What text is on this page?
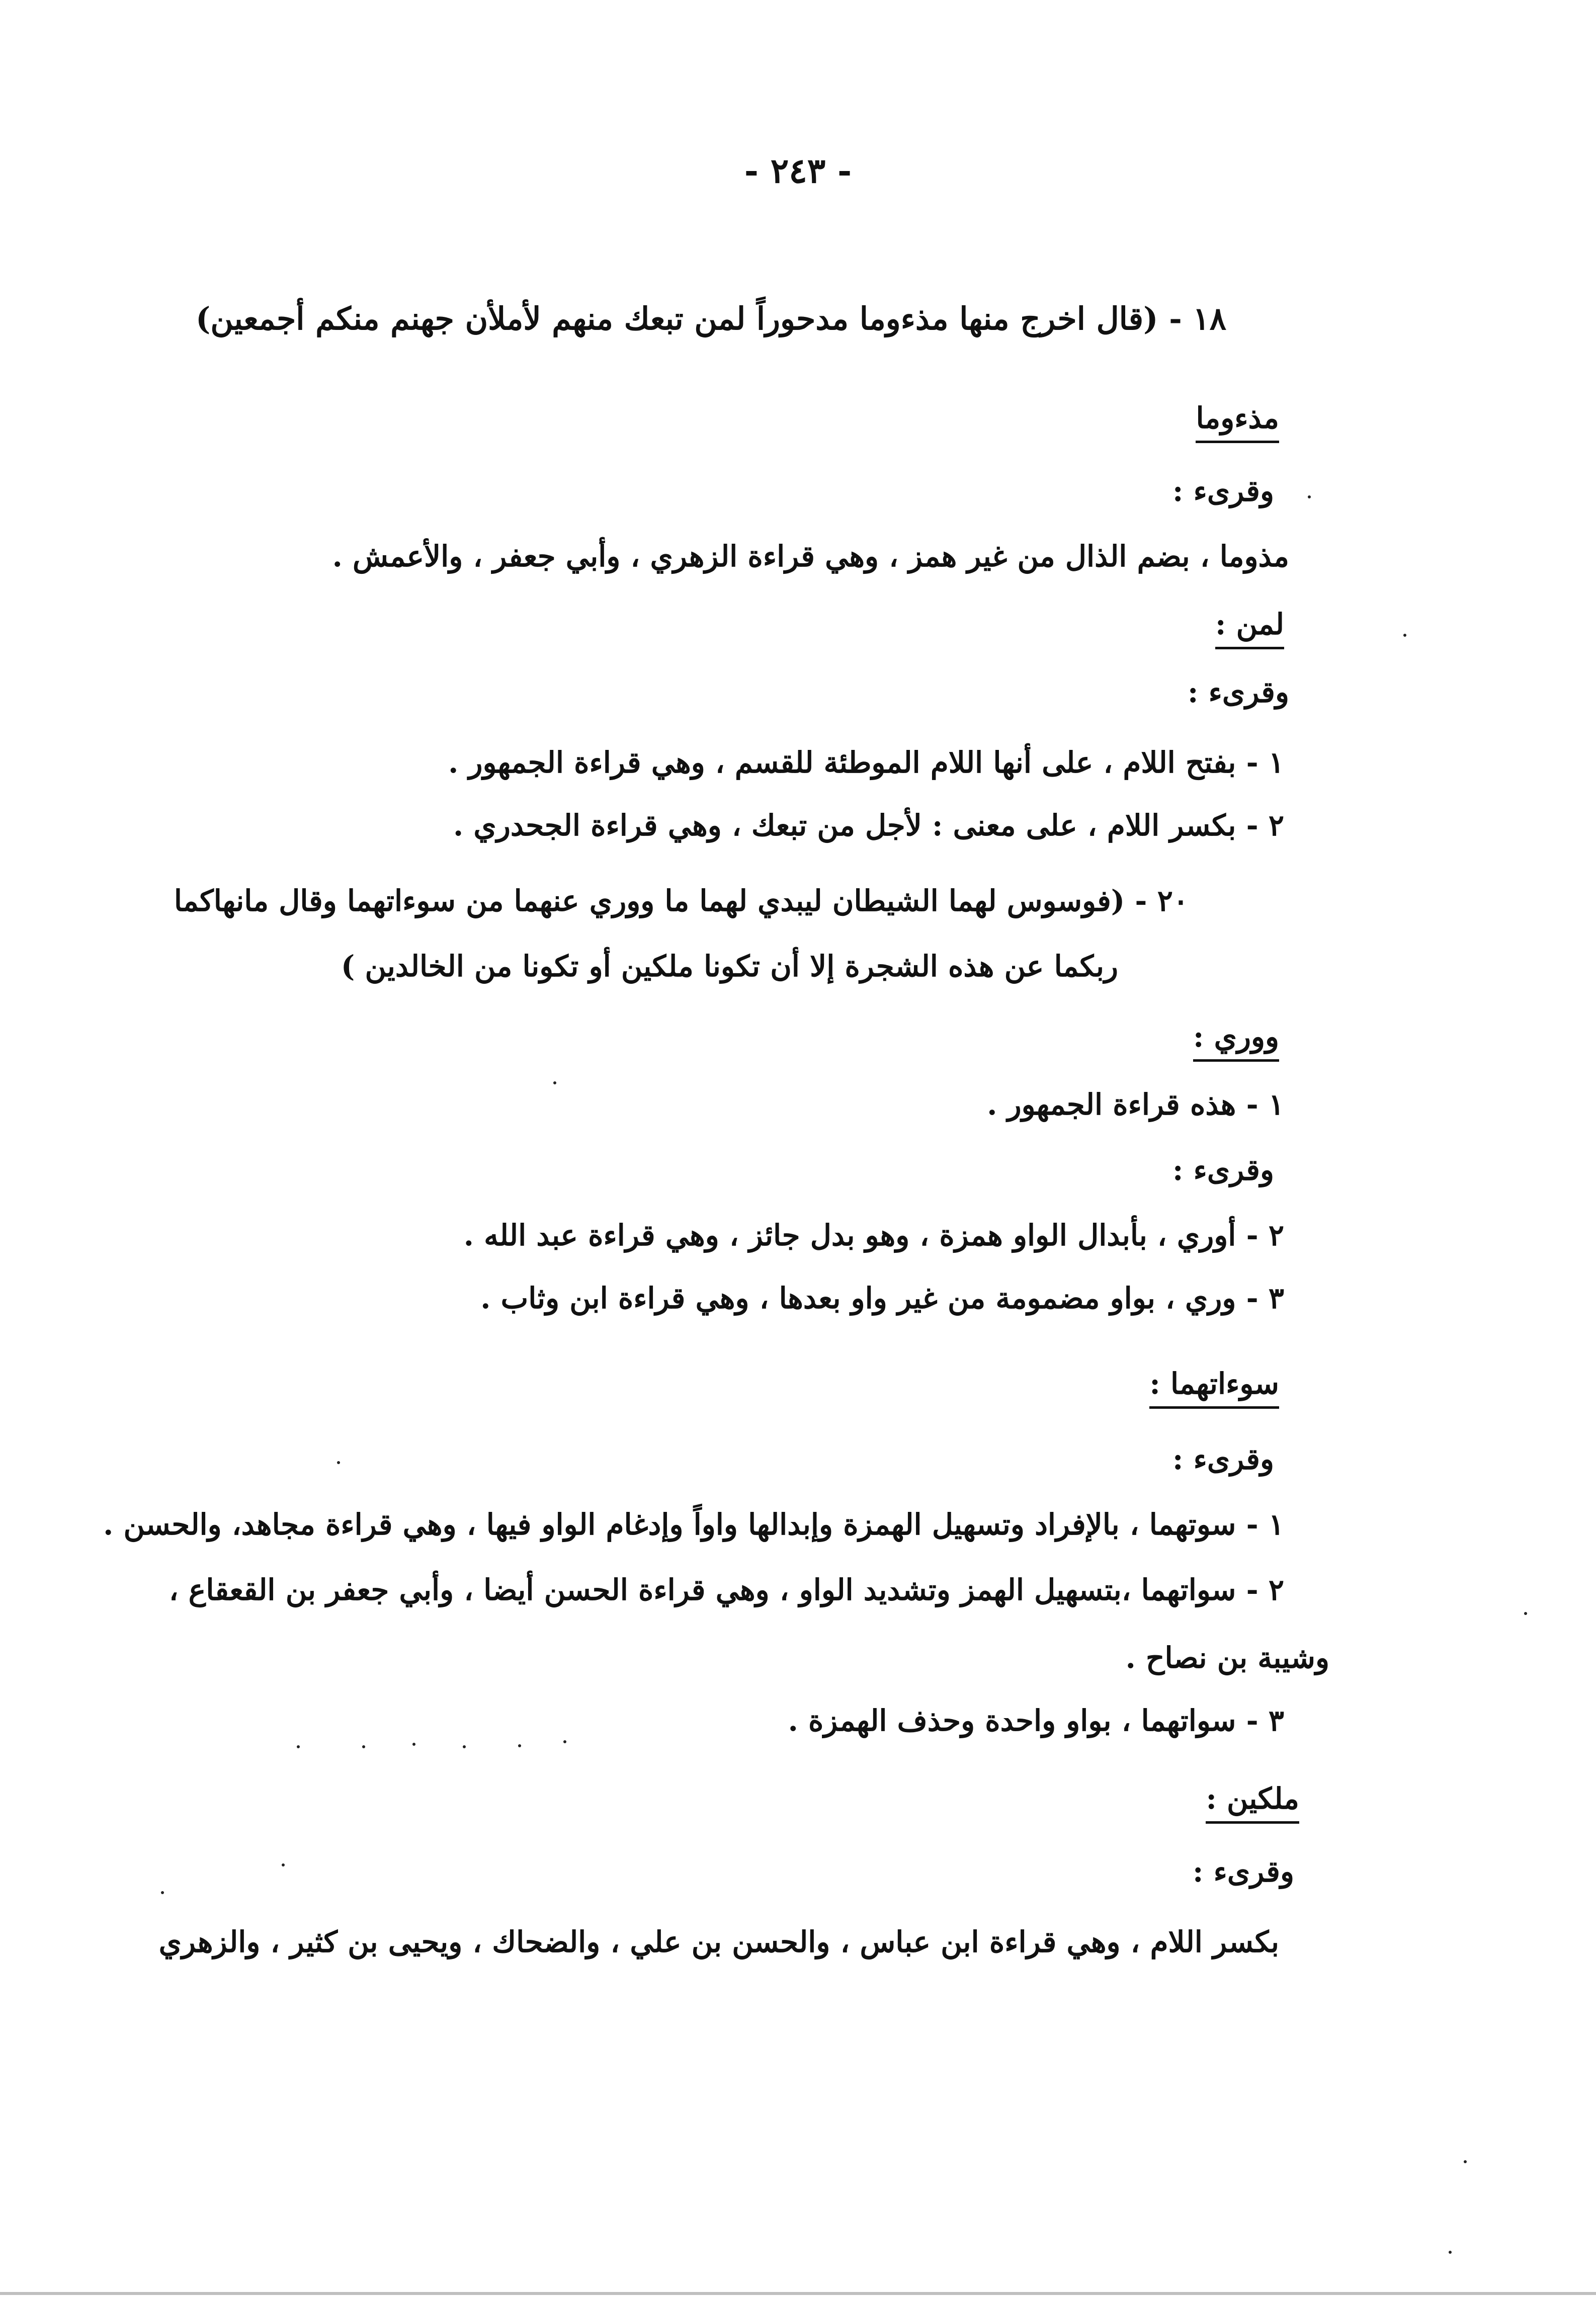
- ٢٤٣ -
١٨ - (قال اخرج منها مذءوما مدحوراً لمن تبعك منهم لأملأن جهنم منكم أجمعين)
مذءوما
وقرىء :
مذوما ، بضم الذال من غير همز ، وهي قراءة الزهري ، وأبي جعفر ، والأعمش .
لمن :
وقرىء :
١ - بفتح اللام ، على أنها اللام الموطئة للقسم ، وهي قراءة الجمهور .
٢ - بكسر اللام ، على معنى : لأجل من تبعك ، وهي قراءة الجحدري .
٢٠ - (فوسوس لهما الشيطان ليبدي لهما ما ووري عنهما من سوءاتهما وقال مانهاكما
ربكما عن هذه الشجرة إلا أن تكونا ملكين أو تكونا من الخالدين )
ووري :
١ - هذه قراءة الجمهور .
وقرىء :
٢ - أوري ، بأبدال الواو همزة ، وهو بدل جائز ، وهي قراءة عبد الله .
٣ - وري ، بواو مضمومة من غير واو بعدها ، وهي قراءة ابن وثاب .
سوءاتهما :
وقرىء :
١ - سوتهما ، بالإفراد وتسهيل الهمزة وإبدالها واواً وإدغام الواو فيها ، وهي قراءة مجاهد، والحسن .
٢ - سواتهما ،بتسهيل الهمز وتشديد الواو ، وهي قراءة الحسن أيضا ، وأبي جعفر بن القعقاع ،
وشيبة بن نصاح .
٣ - سواتهما ، بواو واحدة وحذف الهمزة .
ملكين :
وقرىء :
بكسر اللام ، وهي قراءة ابن عباس ، والحسن بن علي ، والضحاك ، ويحيى بن كثير ، والزهري
